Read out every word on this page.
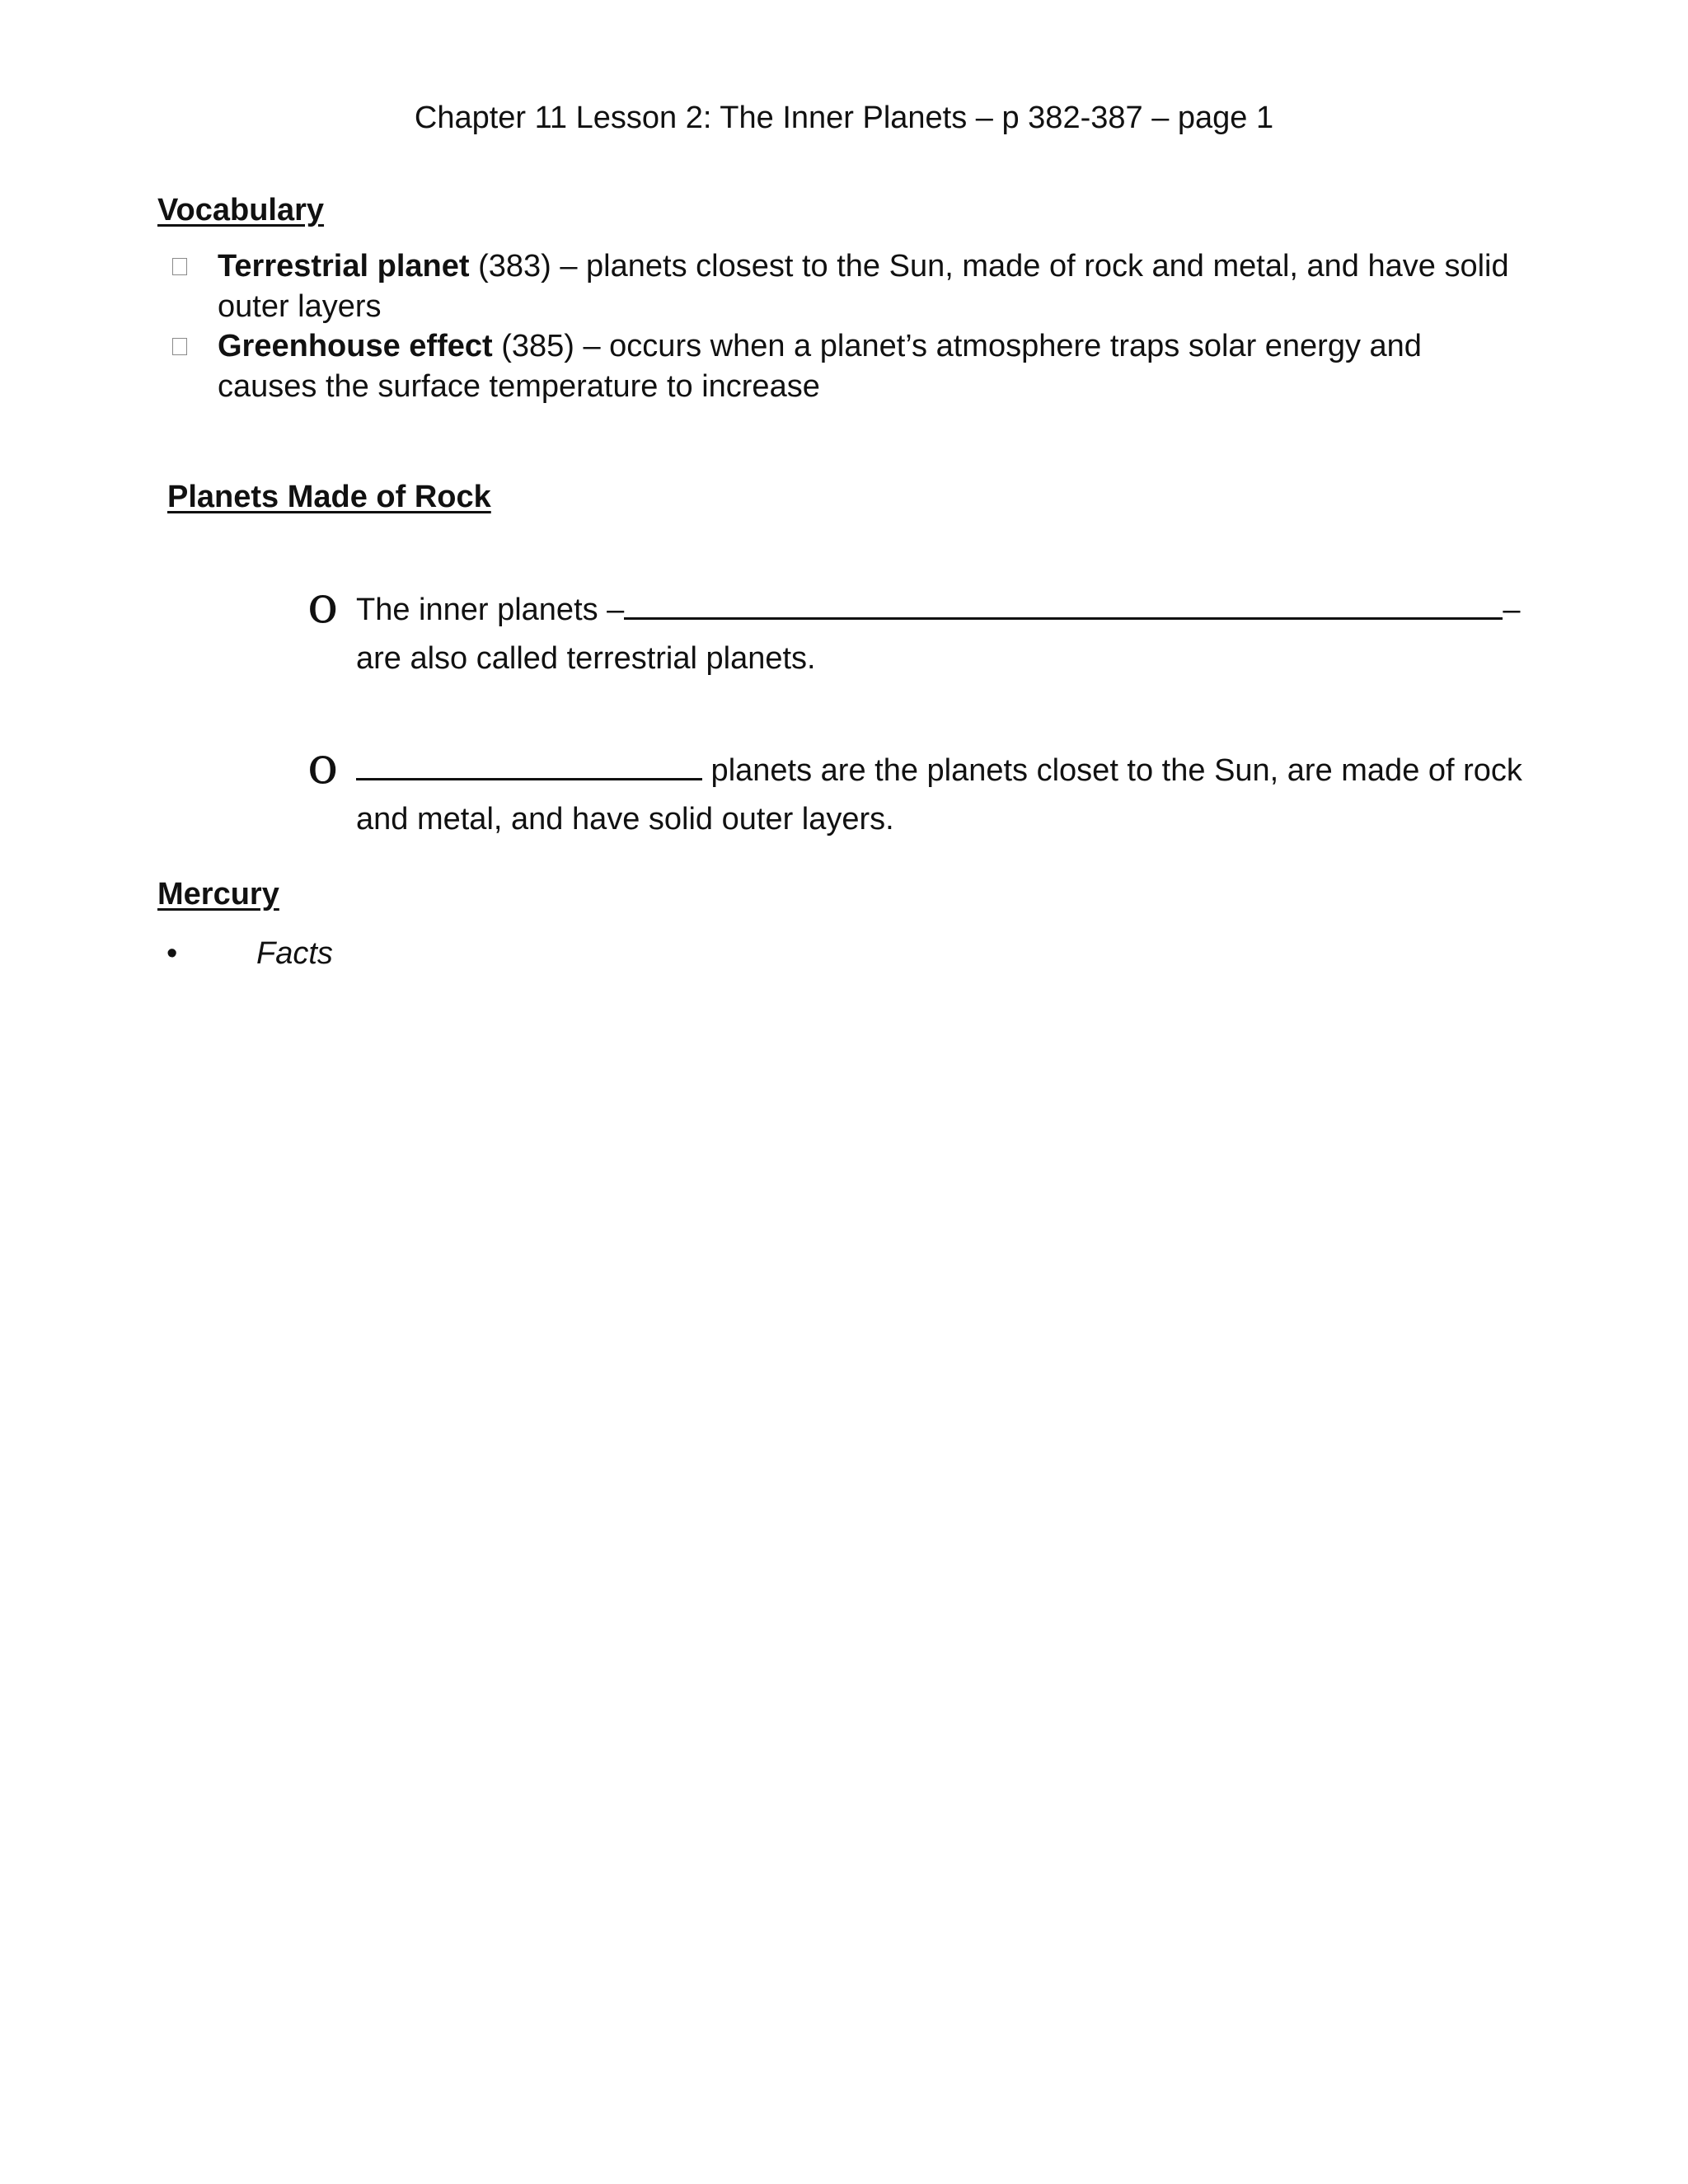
Chapter 11 Lesson 2: The Inner Planets – p 382-387 – page 1
Vocabulary
Terrestrial planet (383) – planets closest to the Sun, made of rock and metal, and have solid outer layers
Greenhouse effect (385) – occurs when a planet’s atmosphere traps solar energy and causes the surface temperature to increase
Planets Made of Rock
o The inner planets –	– are also called terrestrial planets.
o	planets are the planets closet to the Sun, are made of rock and metal, and have solid outer layers.
Mercury
•	Facts
